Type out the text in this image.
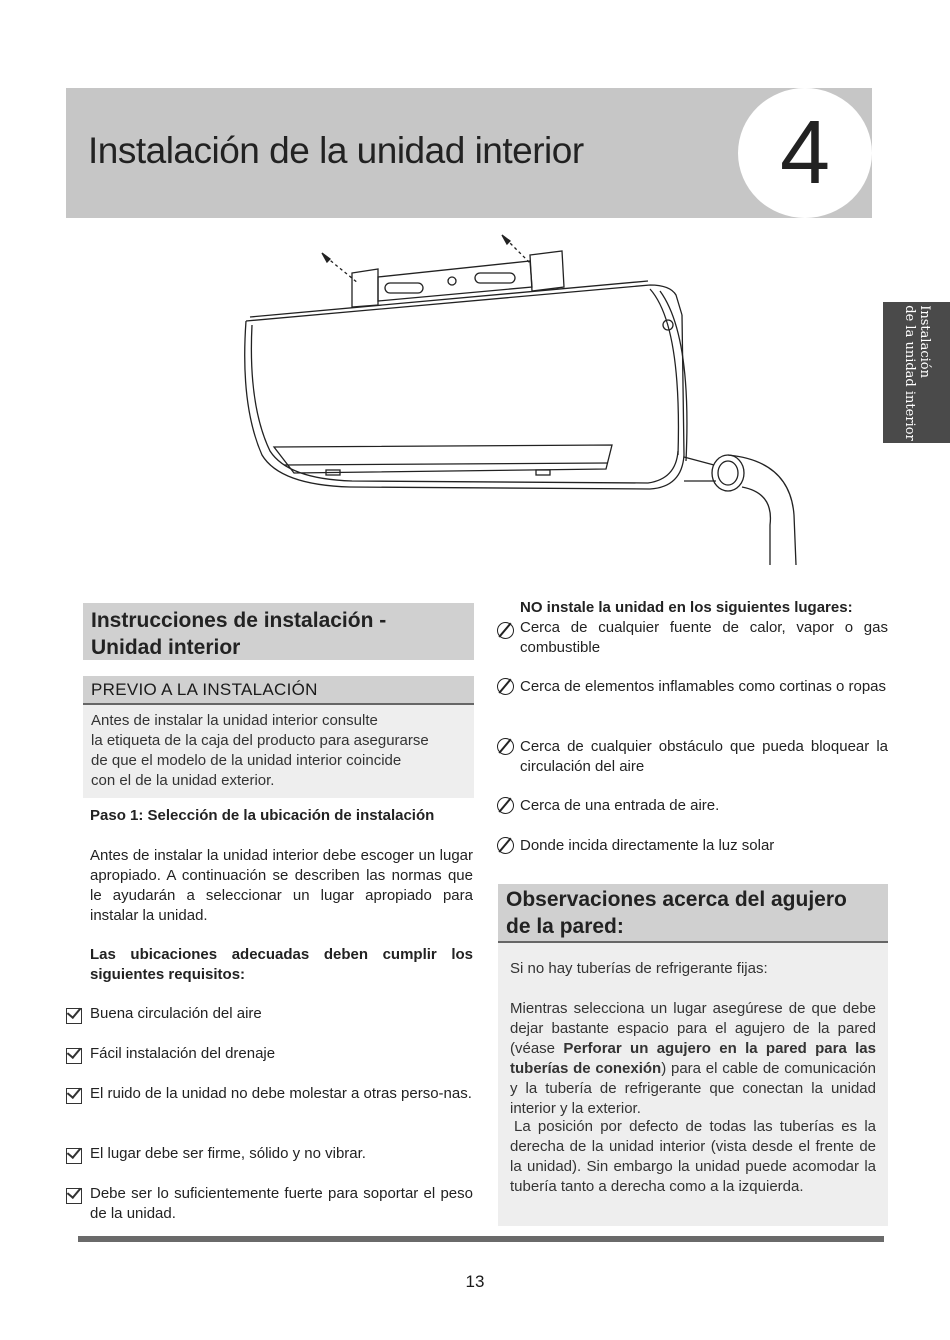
Instalación de la unidad interior 4
Instalación
de la unidad interior
Instrucciones de instalación -
Unidad interior
PREVIO A LA INSTALACIÓN

Antes de instalar la unidad interior consulte
la etiqueta de la caja del producto para asegurarse
de que el modelo de la unidad interior coincide
con el de la unidad exterior.

Paso 1: Selección de la ubicación de instalación
Antes de instalar la unidad interior debe escoger un lugar apropiado. A continuación se describen las normas que le ayudarán a seleccionar un lugar apropiado para instalar la unidad.
Las ubicaciones adecuadas deben cumplir los siguientes requisitos:
Buena circulación del aire
Fácil instalación del drenaje
El ruido de la unidad no debe molestar a otras perso-nas.
El lugar debe ser firme, sólido y no vibrar.
Debe ser lo suficientemente fuerte para soportar el peso de la unidad.
NO instale la unidad en los siguientes lugares:
Cerca de cualquier fuente de calor, vapor o gas combustible
Cerca de elementos inflamables como cortinas o ropas
Cerca de cualquier obstáculo que pueda bloquear la circulación del aire
Cerca de una entrada de aire.
Donde incida directamente la luz solar
Observaciones acerca del agujero
de la pared:
Si no hay tuberías de refrigerante fijas:
Mientras selecciona un lugar asegúrese de que debe dejar bastante espacio para el agujero de la pared (véase Perforar un agujero en la pared para las tuberías de conexión) para el cable de comunicación y la tubería de refrigerante que conectan la unidad interior y la exterior.
La posición por defecto de todas las tuberías es la derecha de la unidad interior (vista desde el frente de la unidad). Sin embargo la unidad puede acomodar la tubería tanto a derecha como a la izquierda.
13
